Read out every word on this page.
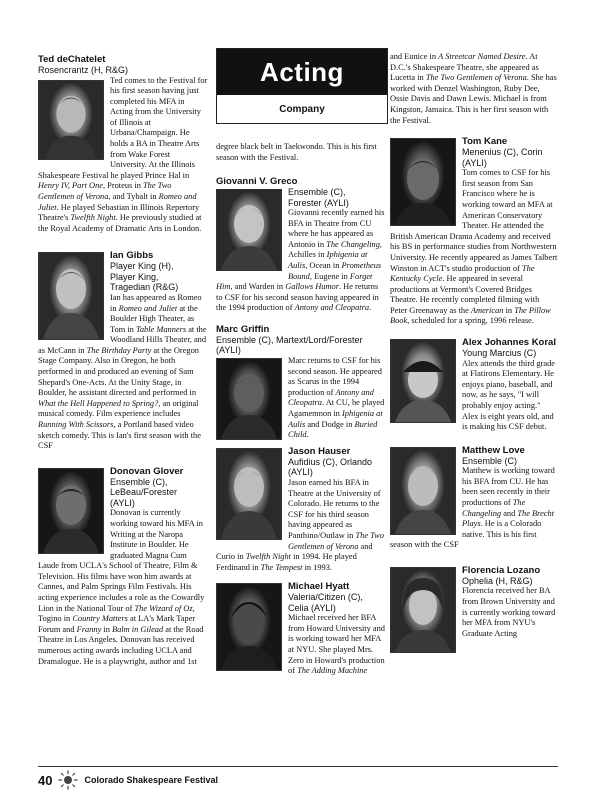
Ted deChatelet

Rosencrantz (H, R&G)

Ted comes to the Festival for his first season having just completed his MFA in Acting from the University of Illinois at Urbana/Champaign. He holds a BA in Theatre Arts from Wake Forest University. At the Illinois Shakespeare Festival he played Prince Hal in Henry IV, Part One, Proteus in The Two Gentlemen of Verona, and Tybalt in Romeo and Juliet. He played Sebastian in Illinois Repertory Theatre's Twelfth Night. He previously studied at the Royal Academy of Dramatic Arts in London.

Ian Gibbs

Player King (H),

Player King,

Tragedian (R&G)

Ian has appeared as Romeo in Romeo and Juliet at the Boulder High Theater, as Tom in Table Manners at the Woodland Hills Theater, and as McCann in The Birthday Party at the Oregon Stage Company. Also in Oregon, he both performed in and produced an evening of Sam Shepard's One-Acts. At the Unity Stage, in Boulder, he assistant directed and performed in What the Hell Happened to Spring?, an original musical comedy. Film experience includes Running With Scissors, a Portland based video sketch comedy. This is Ian's first season with the CSF

Donovan Glover

Ensemble (C),

LeBeau/Forester

(AYLI)

Donovan is currently working toward his MFA in Writing at the Naropa Institute in Boulder. He graduated Magna Cum Laude from UCLA's School of Theatre, Film & Television. His films have won him awards at Cannes, and Palm Springs Film Festivals. His acting experience includes a role as the Cowardly Lion in the National Tour of The Wizard of Oz, Togino in Country Matters at LA's Mark Taper Forum and Franny in Balm in Gilead at the Road Theatre in Los Angeles. Donovan has received numerous acting awards including UCLA and Dramalogue. He is a playwright, author and 1st

Acting
Company

degree black belt in Taekwondo. This is his first season with the Festival.

Giovanni V. Greco

Ensemble (C),

Forester (AYLI)

Giovanni recently earned his BFA in Theatre from CU where he has appeared as Antonio in The Changeling, Achilles in Iphigenia at Aulis, Ocean in Prometheus Bound, Eugene in Forget Him, and Warden in Gallows Humor. He returns to CSF for his second season having appeared in the 1994 production of Antony and Cleopatra.

Marc Griffin

Ensemble (C), Martext/Lord/Forester (AYLI)

Marc returns to CSF for his second season. He appeared as Scarus in the 1994 production of Antony and Cleopatra. At CU, he played Agamemnon in Iphigenia at Aulis and Dodge in Buried Child.

Jason Hauser

Aufidius (C), Orlando

(AYLI)

Jason earned his BFA in Theatre at the University of Colorado. He returns to the CSF for his third season having appeared as Panthino/Outlaw in The Two Gentlemen of Verona and Curio in Twelfth Night in 1994. He played Ferdinand in The Tempest in 1993.

Michael Hyatt

Valeria/Citizen (C),

Celia (AYLI)

Michael received her BFA from Howard University and is working toward her MFA at NYU. She played Mrs. Zero in Howard's production of The Adding Machine

and Eunice in A Streetcar Named Desire. At D.C.'s Shakespeare Theatre, she appeared as Lucetta in The Two Gentlemen of Verona. She has worked with Denzel Washington, Ruby Dee, Ossie Davis and Dawn Lewis. Michael is from Kingston, Jamaica. This is her first season with the Festival.

Tom Kane

Menenius (C), Corin

(AYLI)

Tom comes to CSF for his first season from San Francisco where he is working toward an MFA at American Conservatory Theater. He attended the British American Drama Academy and received his BS in performance studies from Northwestern University. He recently appeared as James Talbert Winston in ACT's studio production of The Kentucky Cycle. He appeared in several productions at Vermont's Covered Bridges Theatre. He recently completed filming with Peter Greenaway as the American in The Pillow Book, scheduled for a spring, 1996 release.

Alex Johannes Koral

Young Marcius (C)

Alex attends the third grade at Flatirons Elementary. He enjoys piano, baseball, and now, as he says, "I will probably enjoy acting." Alex is eight years old, and is making his CSF debut.

Matthew Love

Ensemble (C)

Matthew is working toward his BFA from CU. He has been seen recently in their productions of The Changeling and The Brecht Plays. He is a Colorado native. This is his first season with the CSF

Florencia Lozano

Ophelia (H, R&G)

Florencia received her BA from Brown University and is currently working toward her MFA from NYU's Graduate Acting

40	Colorado Shakespeare Festival
